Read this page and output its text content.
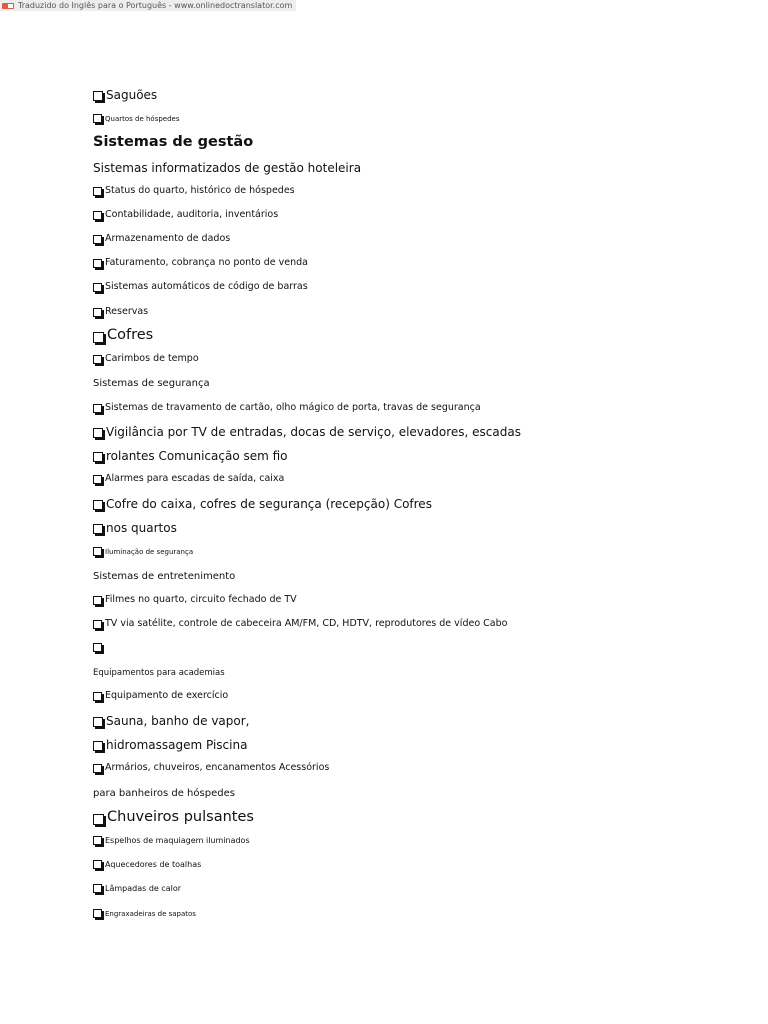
Traduzido do Inglês para o Português - www.onlinedoctranslator.com
Saguões
Quartos de hóspedes
Sistemas de gestão
Sistemas informatizados de gestão hoteleira
Status do quarto, histórico de hóspedes
Contabilidade, auditoria, inventários
Armazenamento de dados
Faturamento, cobrança no ponto de venda
Sistemas automáticos de código de barras
Reservas
Cofres
Carimbos de tempo
Sistemas de segurança
Sistemas de travamento de cartão, olho mágico de porta, travas de segurança
Vigilância por TV de entradas, docas de serviço, elevadores, escadas
rolantes Comunicação sem fio
Alarmes para escadas de saída, caixa
Cofre do caixa, cofres de segurança (recepção) Cofres
nos quartos
Iluminação de segurança
Sistemas de entretenimento
Filmes no quarto, circuito fechado de TV
TV via satélite, controle de cabeceira AM/FM, CD, HDTV, reprodutores de vídeo Cabo
Equipamentos para academias
Equipamento de exercício
Sauna, banho de vapor,
hidromassagem Piscina
Armários, chuveiros, encanamentos Acessórios
para banheiros de hóspedes
Chuveiros pulsantes
Espelhos de maquiagem iluminados
Aquecedores de toalhas
Lâmpadas de calor
Engraxadeiras de sapatos
